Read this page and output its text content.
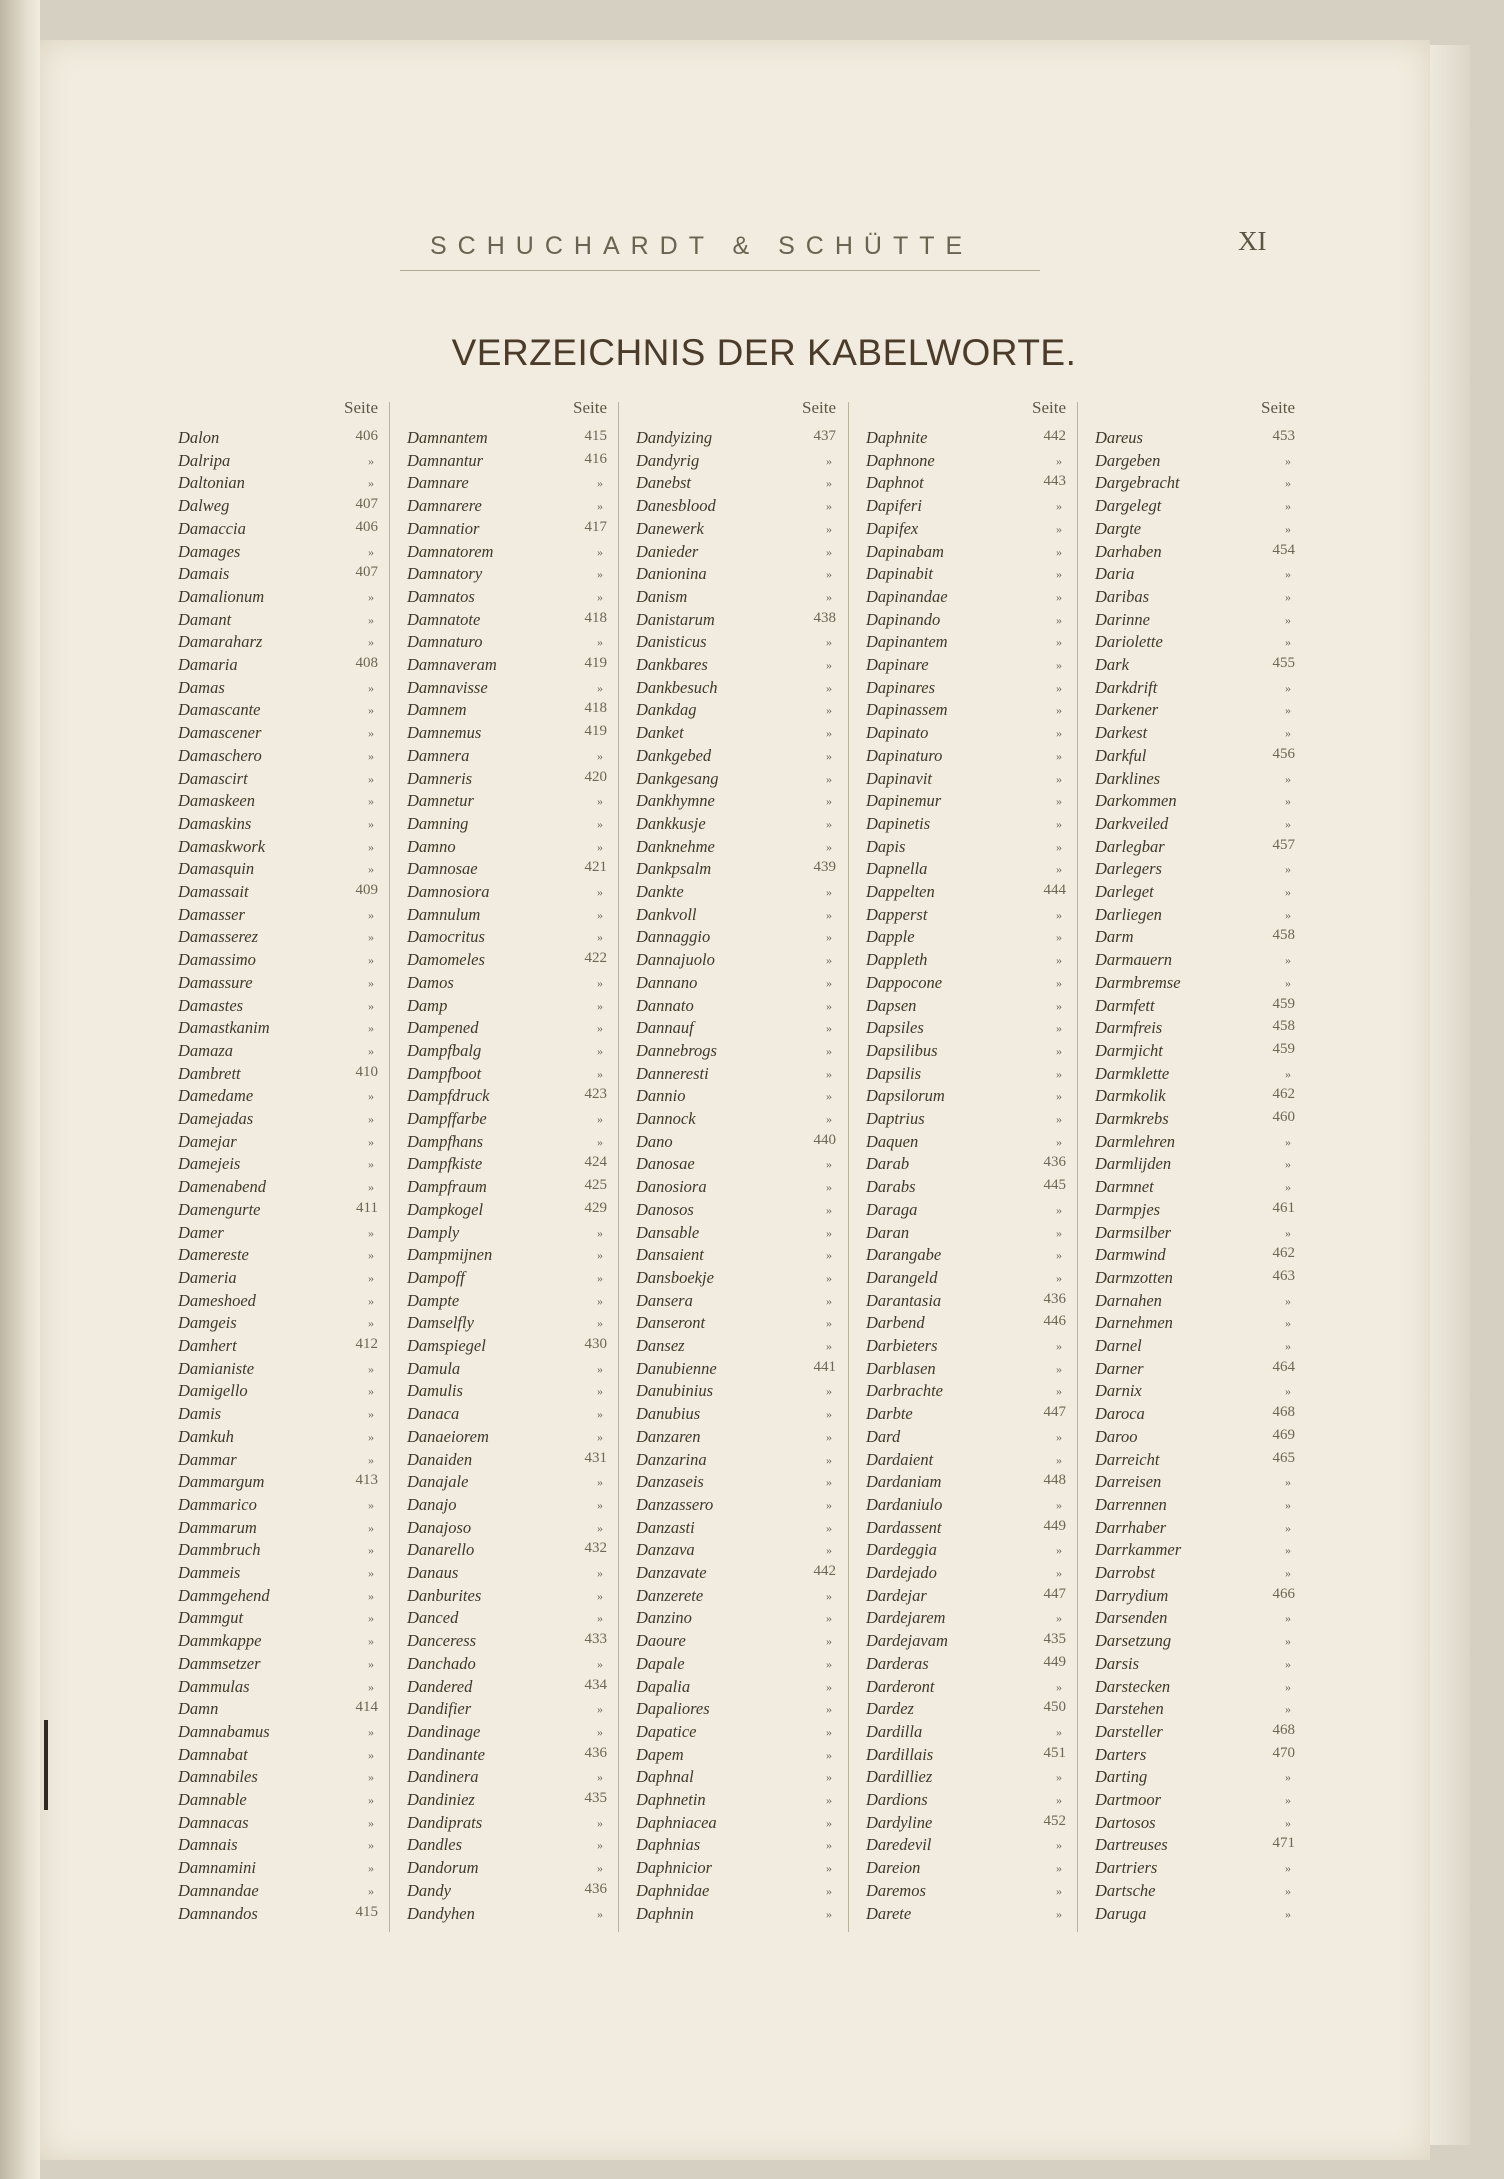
SCHUCHARDT & SCHÜTTE	XI
VERZEICHNIS DER KABELWORTE.
Seite
Dalon	406
Dalripa	»
Daltonian	»
Dalweg	407
Damaccia	406
Damages	»
Damais	407
Damalionum	»
Damant	»
Damaraharz	»
Damaria	408
Damas	»
Damascante	»
Damascener	»
Damaschero	»
Damascirt	»
Damaskeen	»
Damaskins	»
Damaskwork	»
Damasquin	»
Damassait	409
Damasser	»
Damasserez	»
Damassimo	»
Damassure	»
Damastes	»
Damastkanim	»
Damaza	»
Dambrett	410
Damedame	»
Damejadas	»
Damejar	»
Damejeis	»
Damenabend	»
Damengurte	411
Damer	»
Damereste	»
Dameria	»
Dameshoed	»
Damgeis	»
Damhert	412
Damianiste	»
Damigello	»
Damis	»
Damkuh	»
Dammar	»
Dammargum	413
Dammarico	»
Dammarum	»
Dammbruch	»
Dammeis	»
Dammgehend	»
Dammgut	»
Dammkappe	»
Dammsetzer	»
Dammulas	»
Damn	414
Damnabamus	»
Damnabat	»
Damnabiles	»
Damnable	»
Damnacas	»
Damnais	»
Damnamini	»
Damnandae	»
Damnandos	415
Seite
Damnantem	415
Damnantur	416
Damnare	»
Damnarere	»
Damnatior	417
Damnatorem	»
Damnatory	»
Damnatos	»
Damnatote	418
Damnaturo	»
Damnaveram	419
Damnavisse	»
Damnem	418
Damnemus	419
Damnera	»
Damneris	420
Damnetur	»
Damning	»
Damno	»
Damnosae	421
Damnosiora	»
Damnulum	»
Damocritus	»
Damomeles	422
Damos	»
Damp	»
Dampened	»
Dampfbalg	»
Dampfboot	»
Dampfdruck	423
Dampffarbe	»
Dampfhans	»
Dampfkiste	424
Dampfraum	425
Dampkogel	429
Damply	»
Dampmijnen	»
Dampoff	»
Dampte	»
Damselfly	»
Damspiegel	430
Damula	»
Damulis	»
Danaca	»
Danaeiorem	»
Danaiden	431
Danajale	»
Danajo	»
Danajoso	»
Danarello	432
Danaus	»
Danburites	»
Danced	»
Danceress	433
Danchado	»
Dandered	434
Dandifier	»
Dandinage	»
Dandinante	436
Dandinera	»
Dandiniez	435
Dandiprats	»
Dandles	»
Dandorum	»
Dandy	436
Dandyhen	»
Seite
Dandyizing	437
Dandyrig	»
Danebst	»
Danesblood	»
Danewerk	»
Danieder	»
Danionina	»
Danism	»
Danistarum	438
Danisticus	»
Dankbares	»
Dankbesuch	»
Dankdag	»
Danket	»
Dankgebed	»
Dankgesang	»
Dankhymne	»
Dankkusje	»
Danknehme	»
Dankpsalm	439
Dankte	»
Dankvoll	»
Dannaggio	»
Dannajuolo	»
Dannano	»
Dannato	»
Dannauf	»
Dannebrogs	»
Danneresti	»
Dannio	»
Dannock	»
Dano	440
Danosae	»
Danosiora	»
Danosos	»
Dansable	»
Dansaient	»
Dansboekje	»
Dansera	»
Danseront	»
Dansez	»
Danubienne	441
Danubinius	»
Danubius	»
Danzaren	»
Danzarina	»
Danzaseis	»
Danzassero	»
Danzasti	»
Danzava	»
Danzavate	442
Danzerete	»
Danzino	»
Daoure	»
Dapale	»
Dapalia	»
Dapaliores	»
Dapatice	»
Dapem	»
Daphnal	»
Daphnetin	»
Daphniacea	»
Daphnias	»
Daphnicior	»
Daphnidae	»
Daphnin	»
Seite
Daphnite	442
Daphnone	»
Daphnot	443
Dapiferi	»
Dapifex	»
Dapinabam	»
Dapinabit	»
Dapinandae	»
Dapinando	»
Dapinantem	»
Dapinare	»
Dapinares	»
Dapinassem	»
Dapinato	»
Dapinaturo	»
Dapinavit	»
Dapinemur	»
Dapinetis	»
Dapis	»
Dapnella	»
Dappelten	444
Dapperst	»
Dapple	»
Dappleth	»
Dappocone	»
Dapsen	»
Dapsiles	»
Dapsilibus	»
Dapsilis	»
Dapsilorum	»
Daptrius	»
Daquen	»
Darab	436
Darabs	445
Daraga	»
Daran	»
Darangabe	»
Darangeld	»
Darantasia	436
Darbend	446
Darbieters	»
Darblasen	»
Darbrachte	»
Darbte	447
Dard	»
Dardaient	»
Dardaniam	448
Dardaniulo	»
Dardassent	449
Dardeggia	»
Dardejado	»
Dardejar	447
Dardejarem	»
Dardejavam	435
Darderas	449
Darderont	»
Dardez	450
Dardilla	»
Dardillais	451
Dardilliez	»
Dardions	»
Dardyline	452
Daredevil	»
Dareion	»
Daremos	»
Darete	»
Seite
Dareus	453
Dargeben	»
Dargebracht	»
Dargelegt	»
Dargte	»
Darhaben	454
Daria	»
Daribas	»
Darinne	»
Dariolette	»
Dark	455
Darkdrift	»
Darkener	»
Darkest	»
Darkful	456
Darklines	»
Darkommen	»
Darkveiled	»
Darlegbar	457
Darlegers	»
Darleget	»
Darliegen	»
Darm	458
Darmauern	»
Darmbremse	»
Darmfett	459
Darmfreis	458
Darmjicht	459
Darmklette	»
Darmkolik	462
Darmkrebs	460
Darmlehren	»
Darmlijden	»
Darmnet	»
Darmpjes	461
Darmsilber	»
Darmwind	462
Darmzotten	463
Darnahen	»
Darnehmen	»
Darnel	»
Darner	464
Darnix	»
Daroca	468
Daroo	469
Darreicht	465
Darreisen	»
Darrennen	»
Darrhaber	»
Darrkammer	»
Darrobst	»
Darrydium	466
Darsenden	»
Darsetzung	»
Darsis	»
Darstecken	»
Darstehen	»
Darsteller	468
Darters	470
Darting	»
Dartmoor	»
Dartosos	»
Dartreuses	471
Dartriers	»
Dartsche	»
Daruga	»
